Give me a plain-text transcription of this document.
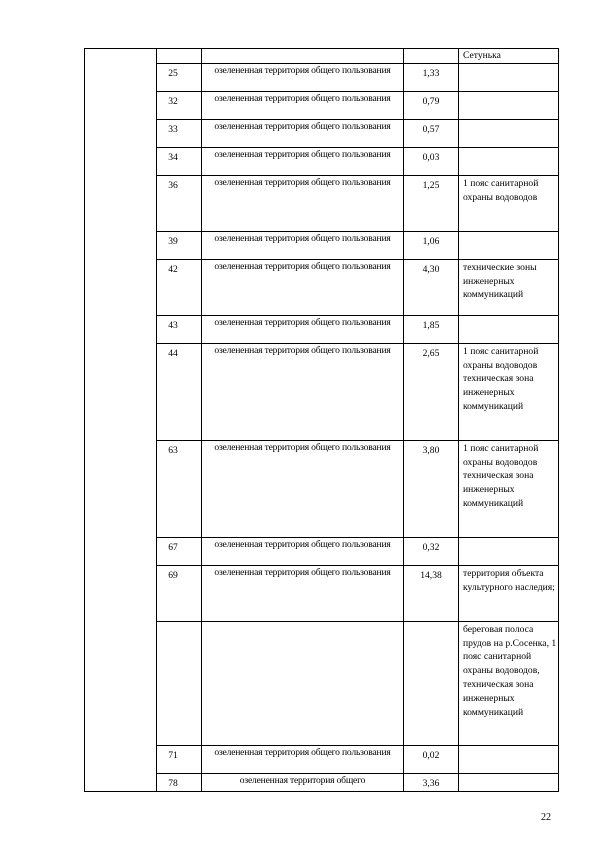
				Сетунька
	25	озелененная территория общего пользования	1,33	
	32	озелененная территория общего пользования	0,79	
	33	озелененная территория общего пользования	0,57	
	34	озелененная территория общего пользования	0,03	
	36	озелененная территория общего пользования	1,25	1 пояс санитарной охраны водоводов
	39	озелененная территория общего пользования	1,06	
	42	озелененная территория общего пользования	4,30	технические зоны инженерных коммуникаций
	43	озелененная территория общего пользования	1,85	
	44	озелененная территория общего пользования	2,65	1 пояс санитарной охраны водоводов техническая зона инженерных коммуникаций
	63	озелененная территория общего пользования	3,80	1 пояс санитарной охраны водоводов техническая зона инженерных коммуникаций
	67	озелененная территория общего пользования	0,32	
	69	озелененная территория общего пользования	14,38	территория объекта культурного наследия;
				береговая полоса прудов на р.Сосенка, 1 пояс санитарной охраны водоводов, техническая зона инженерных коммуникаций
	71	озелененная территория общего пользования	0,02	
	78	озелененная территория общего	3,36	
22
